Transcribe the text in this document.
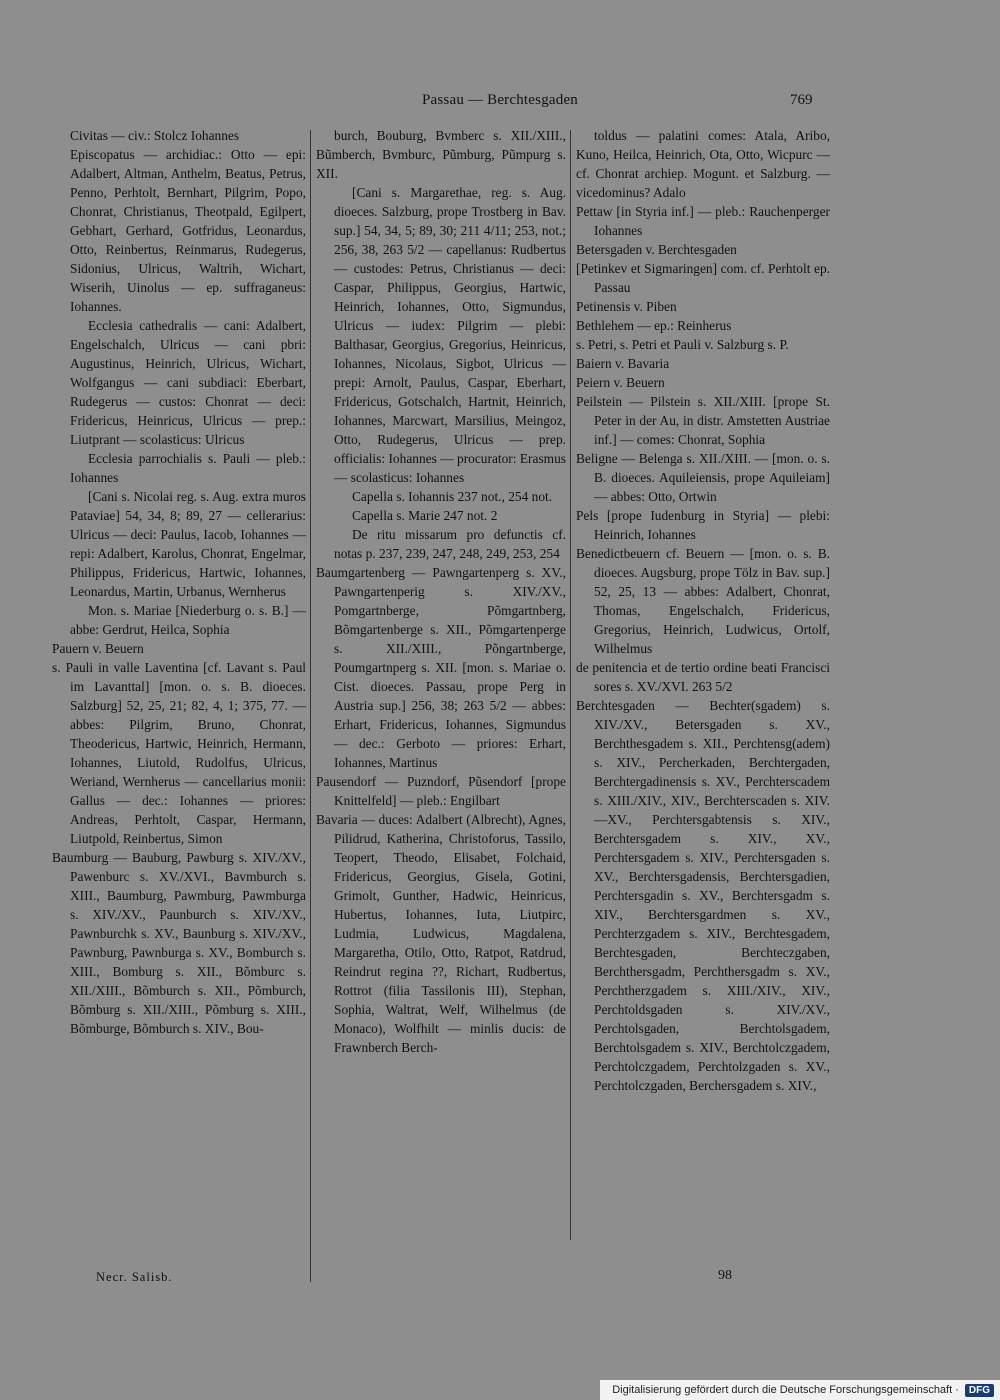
Passau — Berchtesgaden	769

Civitas — civ.: Stolcz Iohannes

Episcopatus — archidiac.: Otto — epi: Adalbert, Altman, Anthelm, Beatus, Petrus, Penno, Perhtolt, Bernhart, Pilgrim, Popo, Chonrat, Christianus, Theotpald, Egilpert, Gebhart, Gerhard, Gotfridus, Leonardus, Otto, Reinbertus, Reinmarus, Rudegerus, Sidonius, Ulricus, Waltrih, Wichart, Wiserih, Uinolus — ep. suffraganeus: Iohannes.

Ecclesia cathedralis — cani: Adalbert, Engelschalch, Ulricus — cani pbri: Augustinus, Heinrich, Ulricus, Wichart, Wolfgangus — cani subdiaci: Eberbart, Rudegerus — custos: Chonrat — deci: Fridericus, Heinricus, Ulricus — prep.: Liutprant — scolasticus: Ulricus

Ecclesia parrochialis s. Pauli — pleb.: Iohannes

[Cani s. Nicolai reg. s. Aug. extra muros Pataviae] 54, 34, 8; 89, 27 — cellerarius: Ulricus — deci: Paulus, Iacob, Iohannes — repi: Adalbert, Karolus, Chonrat, Engelmar, Philippus, Fridericus, Hartwic, Iohannes, Leonardus, Martin, Urbanus, Wernherus

Mon. s. Mariae [Niederburg o. s. B.] — abbe: Gerdrut, Heilca, Sophia

Pauern v. Beuern

s. Pauli in valle Laventina [cf. Lavant s. Paul im Lavanttal] [mon. o. s. B. dioeces. Salzburg] 52, 25, 21; 82, 4, 1; 375, 77. — abbes: Pilgrim, Bruno, Chonrat, Theodericus, Hartwic, Heinrich, Hermann, Iohannes, Liutold, Rudolfus, Ulricus, Weriand, Wernherus — cancellarius monii: Gallus — dec.: Iohannes — priores: Andreas, Perhtolt, Caspar, Hermann, Liutpold, Reinbertus, Simon

Baumburg — Bauburg, Pawburg s. XIV./XV., Pawenburc s. XV./XVI., Bavmburch s. XIII., Baumburg, Pawmburg, Pawmburga s. XIV./XV., Paunburch s. XIV./XV., Pawnburchk s. XV., Baunburg s. XIV./XV., Pawnburg, Pawnburga s. XV., Bomburch s. XIII., Bomburg s. XII., Bõmburc s. XII./XIII., Bõmburch s. XII., Põmburch, Bõmburg s. XII./XIII., Põmburg s. XIII., Bõmburge, Bõmburch s. XIV., Bou-

burch, Bouburg, Bvmberc s. XII./XIII., Bũmberch, Bvmburc, Pũmburg, Pũmpurg s. XII.

[Cani s. Margarethae, reg. s. Aug. dioeces. Salzburg, prope Trostberg in Bav. sup.] 54, 34, 5; 89, 30; 211 4/11; 253, not.; 256, 38, 263 5/2 — capellanus: Rudbertus — custodes: Petrus, Christianus — deci: Caspar, Philippus, Georgius, Hartwic, Heinrich, Iohannes, Otto, Sigmundus, Ulricus — iudex: Pilgrim — plebi: Balthasar, Georgius, Gregorius, Heinricus, Iohannes, Nicolaus, Sigbot, Ulricus — prepi: Arnolt, Paulus, Caspar, Eberhart, Fridericus, Gotschalch, Hartnit, Heinrich, Iohannes, Marcwart, Marsilius, Meingoz, Otto, Rudegerus, Ulricus — prep. officialis: Iohannes — procurator: Erasmus — scolasticus: Iohannes

Capella s. Iohannis 237 not., 254 not.

Capella s. Marie 247 not. 2

De ritu missarum pro defunctis cf. notas p. 237, 239, 247, 248, 249, 253, 254

Baumgartenberg — Pawngartenperg s. XV., Pawngartenperig s. XIV./XV., Pomgartnberge, Põmgartnberg, Bõmgartenberge s. XII., Põmgartenperge s. XII./XIII., Põngartnberge, Poumgartnperg s. XII. [mon. s. Mariae o. Cist. dioeces. Passau, prope Perg in Austria sup.] 256, 38; 263 5/2 — abbes: Erhart, Fridericus, Iohannes, Sigmundus — dec.: Gerboto — priores: Erhart, Iohannes, Martinus

Pausendorf — Puzndorf, Pũsendorf [prope Knittelfeld] — pleb.: Engilbart

Bavaria — duces: Adalbert (Albrecht), Agnes, Pilidrud, Katherina, Christoforus, Tassilo, Teopert, Theodo, Elisabet, Folchaid, Fridericus, Georgius, Gisela, Gotini, Grimolt, Gunther, Hadwic, Heinricus, Hubertus, Iohannes, Iuta, Liutpirc, Ludmia, Ludwicus, Magdalena, Margaretha, Otilo, Otto, Ratpot, Ratdrud, Reindrut regina ??, Richart, Rudbertus, Rottrot (filia Tassilonis III), Stephan, Sophia, Waltrat, Welf, Wilhelmus (de Monaco), Wolfhilt — minlis ducis: de Frawnberch Berch-

toldus — palatini comes: Atala, Aribo, Kuno, Heilca, Heinrich, Ota, Otto, Wicpurc — cf. Chonrat archiep. Mogunt. et Salzburg. — vicedominus? Adalo

Pettaw [in Styria inf.] — pleb.: Rauchenperger Iohannes

Betersgaden v. Berchtesgaden

[Petinkev et Sigmaringen] com. cf. Perhtolt ep. Passau

Petinensis v. Piben

Bethlehem — ep.: Reinherus

s. Petri, s. Petri et Pauli v. Salzburg s. P.

Baiern v. Bavaria

Peiern v. Beuern

Peilstein — Pilstein s. XII./XIII. [prope St. Peter in der Au, in distr. Amstetten Austriae inf.] — comes: Chonrat, Sophia

Beligne — Belenga s. XII./XIII. — [mon. o. s. B. dioeces. Aquileiensis, prope Aquileiam] — abbes: Otto, Ortwin

Pels [prope Iudenburg in Styria] — plebi: Heinrich, Iohannes

Benedictbeuern cf. Beuern — [mon. o. s. B. dioeces. Augsburg, prope Tölz in Bav. sup.] 52, 25, 13 — abbes: Adalbert, Chonrat, Thomas, Engelschalch, Fridericus, Gregorius, Heinrich, Ludwicus, Ortolf, Wilhelmus

de penitencia et de tertio ordine beati Francisci sores s. XV./XVI. 263 5/2

Berchtesgaden — Bechter(sgadem) s. XIV./XV., Betersgaden s. XV., Berchthesgadem s. XII., Perchtensg(adem) s. XIV., Percherkaden, Berchtergaden, Berchtergadinensis s. XV., Perchterscadem s. XIII./XIV., XIV., Berchterscaden s. XIV.—XV., Perchtersgabtensis s. XIV., Berchtersgadem s. XIV., XV., Perchtersgadem s. XIV., Perchtersgaden s. XV., Berchtersgadensis, Berchtersgadien, Perchtersgadin s. XV., Berchtersgadm s. XIV., Berchtersgardmen s. XV., Perchterzgadem s. XIV., Berchtesgadem, Berchtesgaden, Berchteczgaben, Berchthersgadm, Perchthersgadm s. XV., Perchtherzgadem s. XIII./XIV., XIV., Perchtoldsgaden s. XIV./XV., Perchtolsgaden, Berchtolsgadem, Berchtolsgadem s. XIV., Berchtolczgadem, Perchtolczgadem, Perchtolzgaden s. XV., Perchtolczgaden, Berchersgadem s. XIV.,

Necr. Salisb.	98
Digitalisierung gefördert durch die Deutsche Forschungsgemeinschaft ·	DFG
